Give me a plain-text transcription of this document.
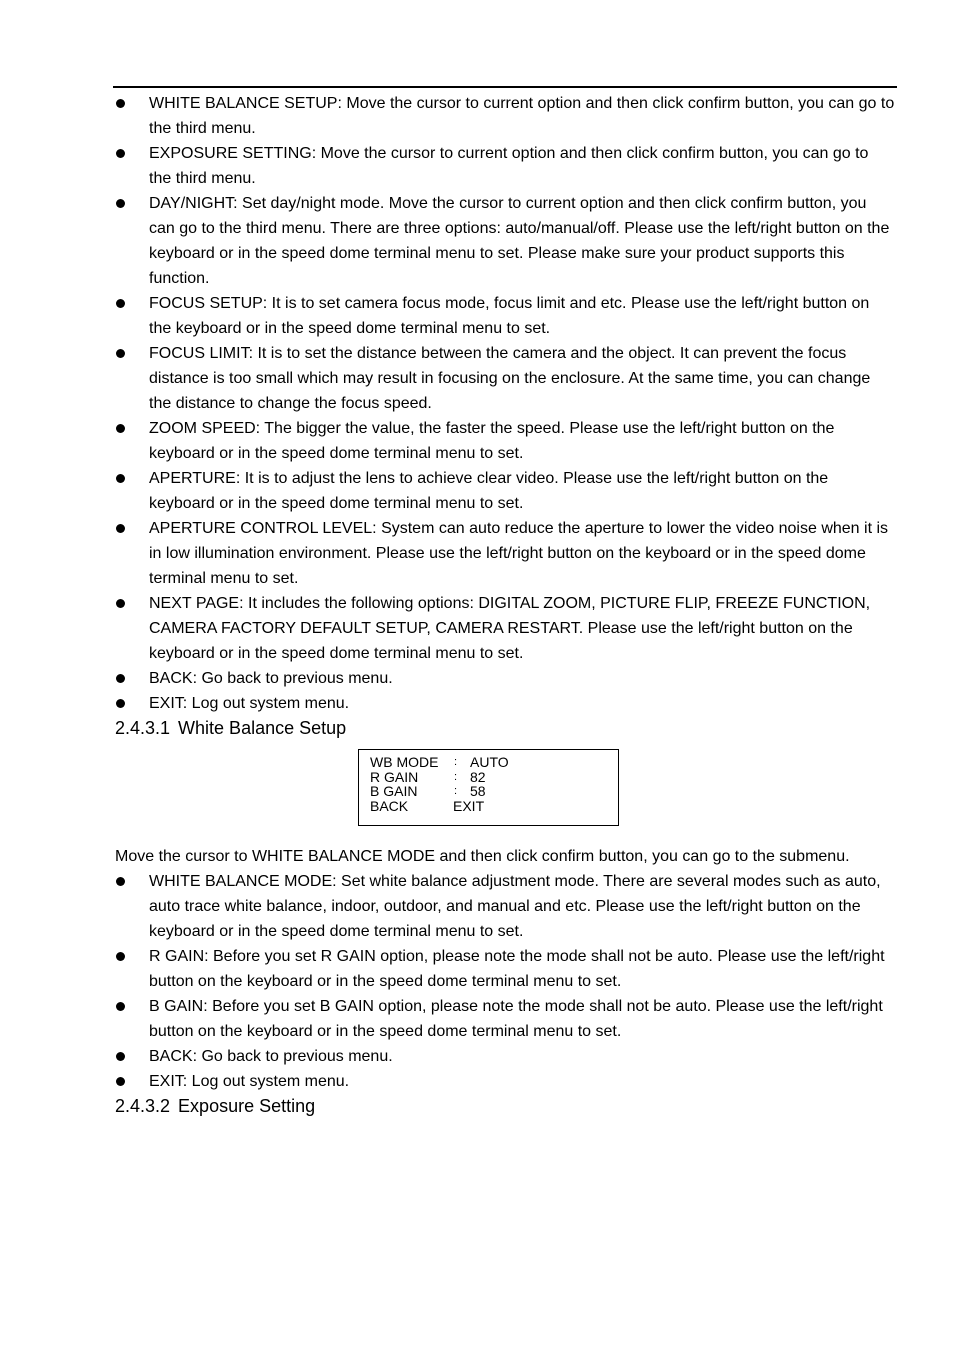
WHITE BALANCE SETUP: Move the cursor to current option and then click confirm button, you can go to the third menu.
EXPOSURE SETTING: Move the cursor to current option and then click confirm button, you can go to the third menu.
DAY/NIGHT: Set day/night mode. Move the cursor to current option and then click confirm button, you can go to the third menu. There are three options: auto/manual/off. Please use the left/right button on the keyboard or in the speed dome terminal menu to set. Please make sure your product supports this function.
FOCUS SETUP: It is to set camera focus mode, focus limit and etc. Please use the left/right button on the keyboard or in the speed dome terminal menu to set.
FOCUS LIMIT: It is to set the distance between the camera and the object. It can prevent the focus distance is too small which may result in focusing on the enclosure. At the same time, you can change the distance to change the focus speed.
ZOOM SPEED: The bigger the value, the faster the speed. Please use the left/right button on the keyboard or in the speed dome terminal menu to set.
APERTURE: It is to adjust the lens to achieve clear video. Please use the left/right button on the keyboard or in the speed dome terminal menu to set.
APERTURE CONTROL LEVEL: System can auto reduce the aperture to lower the video noise when it is in low illumination environment. Please use the left/right button on the keyboard or in the speed dome terminal menu to set.
NEXT PAGE: It includes the following options: DIGITAL ZOOM, PICTURE FLIP, FREEZE FUNCTION, CAMERA FACTORY DEFAULT SETUP, CAMERA RESTART. Please use the left/right button on the keyboard or in the speed dome terminal menu to set.
BACK: Go back to previous menu.
EXIT: Log out system menu.
2.4.3.1 White Balance Setup
WB MODE : AUTO
R GAIN	: 82
B GAIN	: 58
BACK	EXIT

Move the cursor to WHITE BALANCE MODE and then click confirm button, you can go to the submenu.

WHITE BALANCE MODE: Set white balance adjustment mode. There are several modes such as auto, auto trace white balance, indoor, outdoor, and manual and etc. Please use the left/right button on the keyboard or in the speed dome terminal menu to set.
R GAIN: Before you set R GAIN option, please note the mode shall not be auto. Please use the left/right button on the keyboard or in the speed dome terminal menu to set.
B GAIN: Before you set B GAIN option, please note the mode shall not be auto. Please use the left/right button on the keyboard or in the speed dome terminal menu to set.
BACK: Go back to previous menu.
EXIT: Log out system menu.
2.4.3.2 Exposure Setting
